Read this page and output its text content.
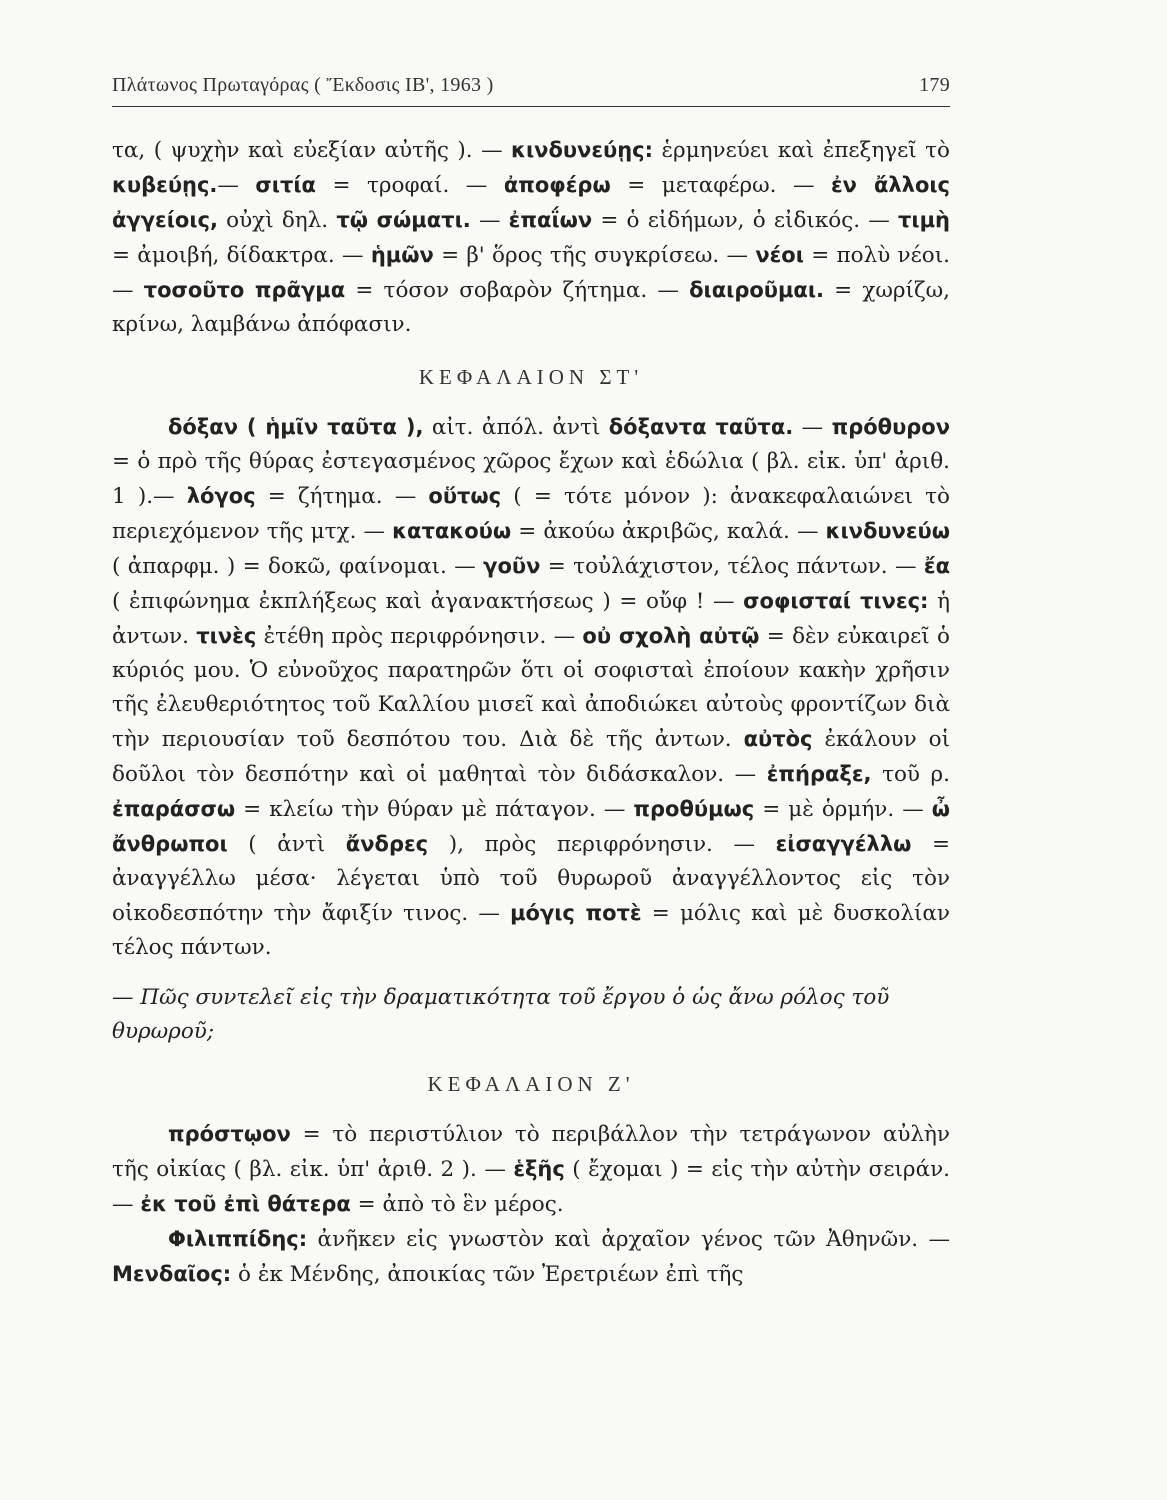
Πλάτωνος Πρωταγόρας ( Ἔκδοσις ΙΒ', 1963 )	179

τα, ( ψυχὴν καὶ εὐεξίαν αὐτῆς ). — κινδυνεύῃς: ἑρμηνεύει καὶ ἐπεξηγεῖ τὸ κυβεύῃς.— σιτία = τροφαί. — ἀποφέρω = μεταφέρω. — ἐν ἄλλοις ἀγγείοις, οὐχὶ δηλ. τῷ σώματι. — ἐπαΐων = ὁ εἰδήμων, ὁ εἰδικός. — τιμὴ = ἀμοιβή, δίδακτρα. — ἡμῶν = β' ὅρος τῆς συγκρίσεω. — νέοι = πολὺ νέοι. — τοσοῦτο πρᾶγμα = τόσον σοβαρὸν ζήτημα. — διαιροῦμαι. = χωρίζω, κρίνω, λαμβάνω ἀπόφασιν.

ΚΕΦΑΛΑΙΟΝ ΣΤ'

δόξαν ( ἡμῖν ταῦτα ), αἰτ. ἀπόλ. ἀντὶ δόξαντα ταῦτα. — πρόθυρον = ὁ πρὸ τῆς θύρας ἐστεγασμένος χῶρος ἔχων καὶ ἑδώλια ( βλ. εἰκ. ὑπ' ἀριθ. 1 ).— λόγος = ζήτημα. — οὕτως ( = τότε μόνον ): ἀνακεφαλαιώνει τὸ περιεχόμενον τῆς μτχ. — κατακούω = ἀκούω ἀκριβῶς, καλά. — κινδυνεύω ( ἀπαρφμ. ) = δοκῶ, φαίνομαι. — γοῦν = τοὐλάχιστον, τέλος πάντων. — ἔα ( ἐπιφώνημα ἐκπλήξεως καὶ ἀγανακτήσεως ) = οὔφ ! — σοφισταί τινες: ἡ ἀντων. τινὲς ἐτέθη πρὸς περιφρόνησιν. — οὐ σχολὴ αὐτῷ = δὲν εὐκαιρεῖ ὁ κύριός μου. Ὁ εὐνοῦχος παρατηρῶν ὅτι οἱ σοφισταὶ ἐποίουν κακὴν χρῆσιν τῆς ἐλευθεριότητος τοῦ Καλλίου μισεῖ καὶ ἀποδιώκει αὐτοὺς φροντίζων διὰ τὴν περιουσίαν τοῦ δεσπότου του. Διὰ δὲ τῆς ἀντων. αὐτὸς ἐκάλουν οἱ δοῦλοι τὸν δεσπότην καὶ οἱ μαθηταὶ τὸν διδάσκαλον. — ἐπήραξε, τοῦ ρ. ἐπαράσσω = κλείω τὴν θύραν μὲ πάταγον. — προθύμως = μὲ ὁρμήν. — ὦ ἄνθρωποι ( ἀντὶ ἄνδρες ), πρὸς περιφρόνησιν. — εἰσαγγέλλω = ἀναγγέλλω μέσα· λέγεται ὑπὸ τοῦ θυρωροῦ ἀναγγέλλοντος εἰς τὸν οἰκοδεσπότην τὴν ἄφιξίν τινος. — μόγις ποτὲ = μόλις καὶ μὲ δυσκολίαν τέλος πάντων.

— Πῶς συντελεῖ εἰς τὴν δραματικότητα τοῦ ἔργου ὁ ὡς ἄνω ρόλος τοῦ θυρωροῦ;

ΚΕΦΑΛΑΙΟΝ Ζ'

πρόστῳον = τὸ περιστύλιον τὸ περιβάλλον τὴν τετράγωνον αὐλὴν τῆς οἰκίας ( βλ. εἰκ. ὑπ' ἀριθ. 2 ). — ἑξῆς ( ἔχομαι ) = εἰς τὴν αὐτὴν σειράν. — ἐκ τοῦ ἐπὶ θάτερα = ἀπὸ τὸ ἓν μέρος.

Φιλιππίδης: ἀνῆκεν εἰς γνωστὸν καὶ ἀρχαῖον γένος τῶν Ἀθηνῶν. — Μενδαῖος: ὁ ἐκ Μένδης, ἀποικίας τῶν Ἐρετριέων ἐπὶ τῆς
